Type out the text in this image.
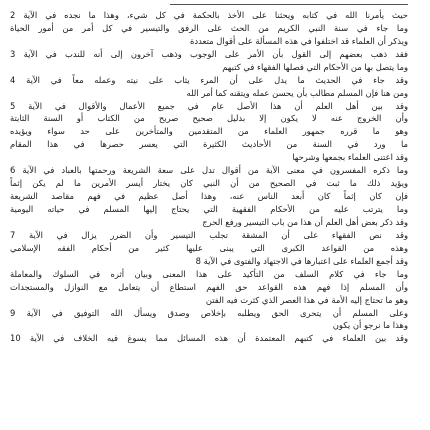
ـــــــــــــــــــــــــــــــــــــــــــــــــــــــــــــــــــــــــــــــــــــــــــــــــ
حيث يأمرنا الله في كتابه ويحثنا على الأخذ بالحكمة في كل شيء، وهذا ما نجده في الآية 2
وما جاء في سنة النبي الكريم من الحث على الرفق والتيسير في كل أمر من أمور الحياة
ويذكر أن العلماء قد اختلفوا في هذه المسألة على أقوال متعددة
فقد ذهب بعضهم إلى القول بأن الأمر على الوجوب وذهب آخرون إلى أنه للندب في الآية 3
وما يتصل بها من الأحكام التي فصلها الفقهاء في كتبهم
وقد جاء في الحديث ما يدل على أن المرء يثاب على نيته وعمله معاً في الآية 4
ومن هنا فإن المسلم مطالب بأن يحسن عمله ويتقنه كما أمر الله
وقد بين أهل العلم أن هذا الأصل عام في جميع الأعمال والأقوال في الآية 5
وأن الخروج عنه لا يكون إلا بدليل صحيح صريح من الكتاب أو السنة الثابتة
وهو ما قرره جمهور العلماء من المتقدمين والمتأخرين على حد سواء ويؤيده
ما ورد في السنة من الأحاديث الكثيرة التي يعسر حصرها في هذا المقام
وقد اعتنى العلماء بجمعها وشرحها
وما ذكره المفسرون في معنى الآية من أقوال تدل على سعة الشريعة ورحمتها بالعباد في الآية 6
ويؤيد ذلك ما ثبت في الصحيح من أن النبي كان يختار أيسر الأمرين ما لم يكن إثماً
فإن كان إثماً كان أبعد الناس عنه، وهذا أصل عظيم في فهم مقاصد الشريعة
وما يترتب عليه من الأحكام الفقهية التي يحتاج إليها المسلم في حياته اليومية
وقد ذكر بعض أهل العلم أن هذا من باب التيسير ورفع الحرج
وقد نص الفقهاء على أن المشقة تجلب التيسير وأن الضرر يزال في الآية 7
وهذه من القواعد الكبرى التي يبنى عليها كثير من أحكام الفقه الإسلامي
وقد أجمع العلماء على اعتبارها في الاجتهاد والفتوى في الآية 8
وما جاء في كلام السلف من التأكيد على هذا المعنى وبيان أثره في السلوك والمعاملة
وأن المسلم إذا فهم هذه القواعد حق الفهم استطاع أن يتعامل مع النوازل والمستجدات
وهو ما تحتاج إليه الأمة في هذا العصر الذي كثرت فيه الفتن
وعلى المسلم أن يتحرى الحق ويطلبه بإخلاص وصدق ويسأل الله التوفيق في الآية 9
وهذا ما نرجو أن يكون
وقد بين العلماء في كتبهم المعتمدة أن هذه المسائل مما يسوغ فيه الخلاف في الآية 10
